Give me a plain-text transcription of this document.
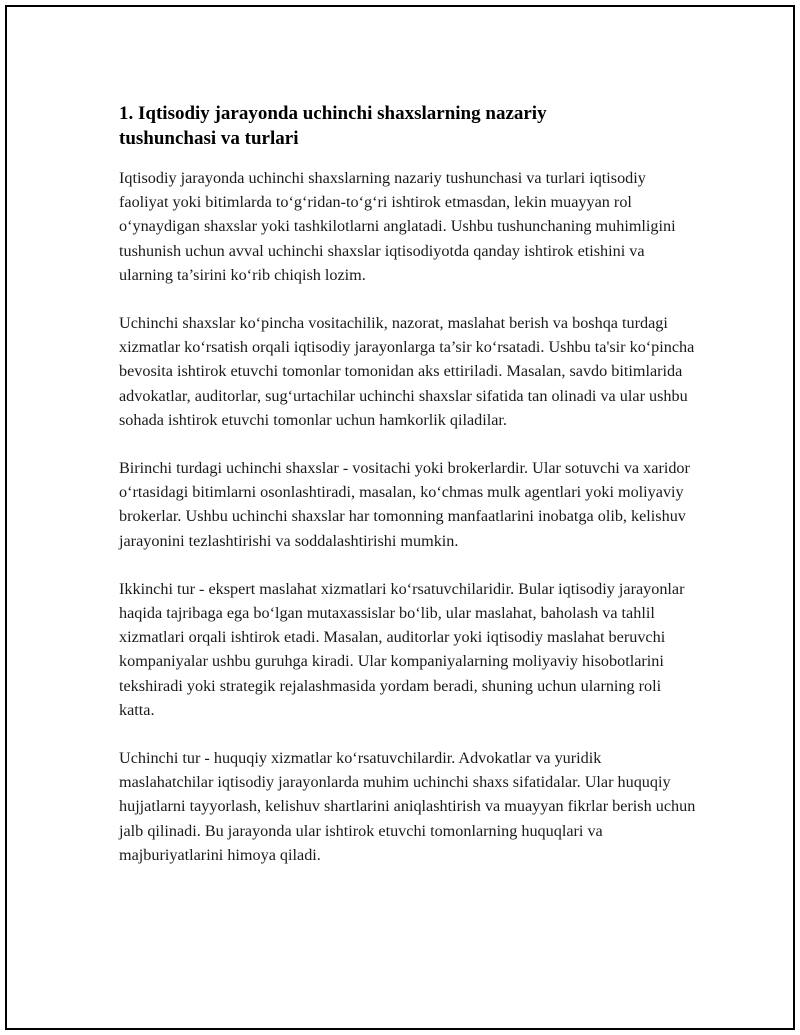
1. Iqtisodiy jarayonda uchinchi shaxslarning nazariy
tushunchasi va turlari

Iqtisodiy jarayonda uchinchi shaxslarning nazariy tushunchasi va turlari iqtisodiy faoliyat yoki bitimlarda to‘g‘ridan-to‘g‘ri ishtirok etmasdan, lekin muayyan rol o‘ynaydigan shaxslar yoki tashkilotlarni anglatadi. Ushbu tushunchaning muhimligini tushunish uchun avval uchinchi shaxslar iqtisodiyotda qanday ishtirok etishini va ularning ta’sirini ko‘rib chiqish lozim.

Uchinchi shaxslar ko‘pincha vositachilik, nazorat, maslahat berish va boshqa turdagi xizmatlar ko‘rsatish orqali iqtisodiy jarayonlarga ta’sir ko‘rsatadi. Ushbu ta'sir ko‘pincha bevosita ishtirok etuvchi tomonlar tomonidan aks ettiriladi. Masalan, savdo bitimlarida advokatlar, auditorlar, sug‘urtachilar uchinchi shaxslar sifatida tan olinadi va ular ushbu sohada ishtirok etuvchi tomonlar uchun hamkorlik qiladilar.

Birinchi turdagi uchinchi shaxslar - vositachi yoki brokerlardir. Ular sotuvchi va xaridor o‘rtasidagi bitimlarni osonlashtiradi, masalan, ko‘chmas mulk agentlari yoki moliyaviy brokerlar. Ushbu uchinchi shaxslar har tomonning manfaatlarini inobatga olib, kelishuv jarayonini tezlashtirishi va soddalashtirishi mumkin.

Ikkinchi tur - ekspert maslahat xizmatlari ko‘rsatuvchilaridir. Bular iqtisodiy jarayonlar haqida tajribaga ega bo‘lgan mutaxassislar bo‘lib, ular maslahat, baholash va tahlil xizmatlari orqali ishtirok etadi. Masalan, auditorlar yoki iqtisodiy maslahat beruvchi kompaniyalar ushbu guruhga kiradi. Ular kompaniyalarning moliyaviy hisobotlarini tekshiradi yoki strategik rejalashmasida yordam beradi, shuning uchun ularning roli katta.

Uchinchi tur - huquqiy xizmatlar ko‘rsatuvchilardir. Advokatlar va yuridik maslahatchilar iqtisodiy jarayonlarda muhim uchinchi shaxs sifatidalar. Ular huquqiy hujjatlarni tayyorlash, kelishuv shartlarini aniqlashtirish va muayyan fikrlar berish uchun jalb qilinadi. Bu jarayonda ular ishtirok etuvchi tomonlarning huquqlari va majburiyatlarini himoya qiladi.
